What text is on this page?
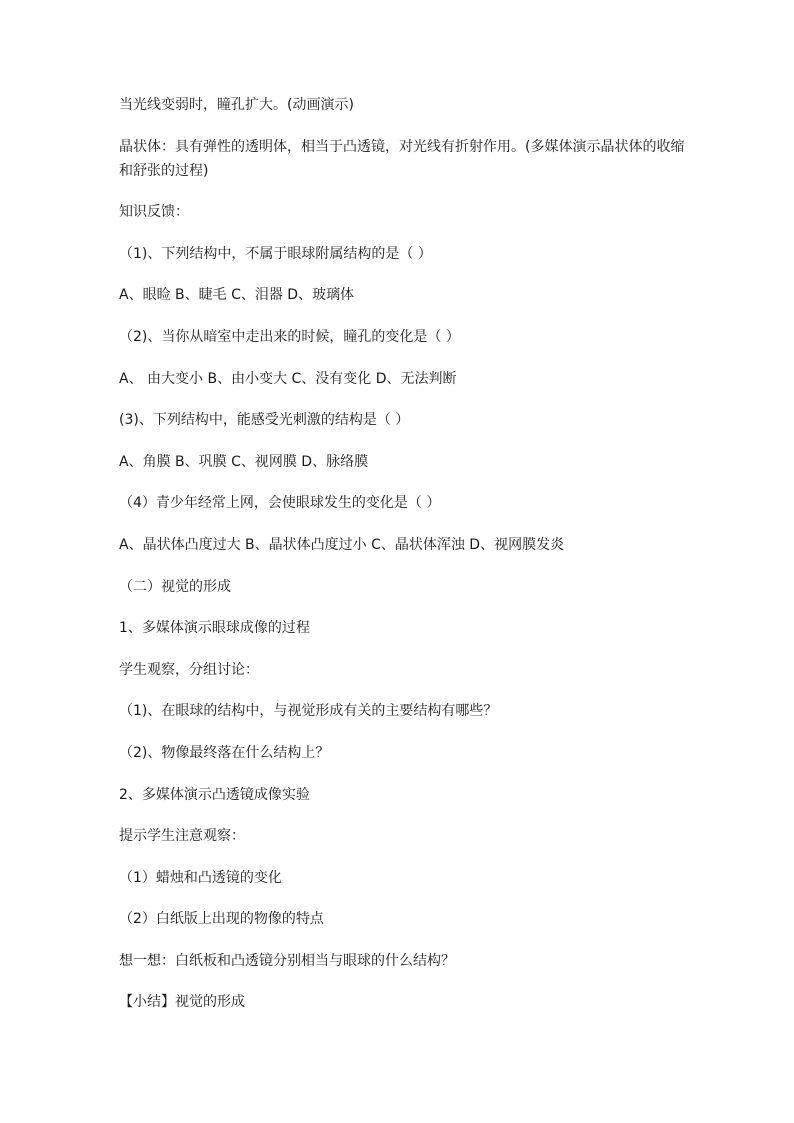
当光线变弱时，瞳孔扩大。(动画演示)

晶状体：具有弹性的透明体，相当于凸透镜，对光线有折射作用。(多媒体演示晶状体的收缩和舒张的过程)

知识反馈：

（1)、下列结构中，不属于眼球附属结构的是（ ）

A、眼睑 B、睫毛 C、泪器 D、玻璃体

（2)、当你从暗室中走出来的时候，瞳孔的变化是（ ）

A、 由大变小 B、由小变大 C、没有变化 D、无法判断

(3)、下列结构中，能感受光刺激的结构是（ ）

A、角膜 B、巩膜 C、视网膜 D、脉络膜

（4）青少年经常上网，会使眼球发生的变化是（ ）

A、晶状体凸度过大 B、晶状体凸度过小 C、晶状体浑浊 D、视网膜发炎

（二）视觉的形成

1、多媒体演示眼球成像的过程

学生观察，分组讨论：

（1)、在眼球的结构中，与视觉形成有关的主要结构有哪些？

（2)、物像最终落在什么结构上？

2、多媒体演示凸透镜成像实验

提示学生注意观察：

（1）蜡烛和凸透镜的变化

（2）白纸版上出现的物像的特点

想一想：白纸板和凸透镜分别相当与眼球的什么结构？

【小结】视觉的形成
